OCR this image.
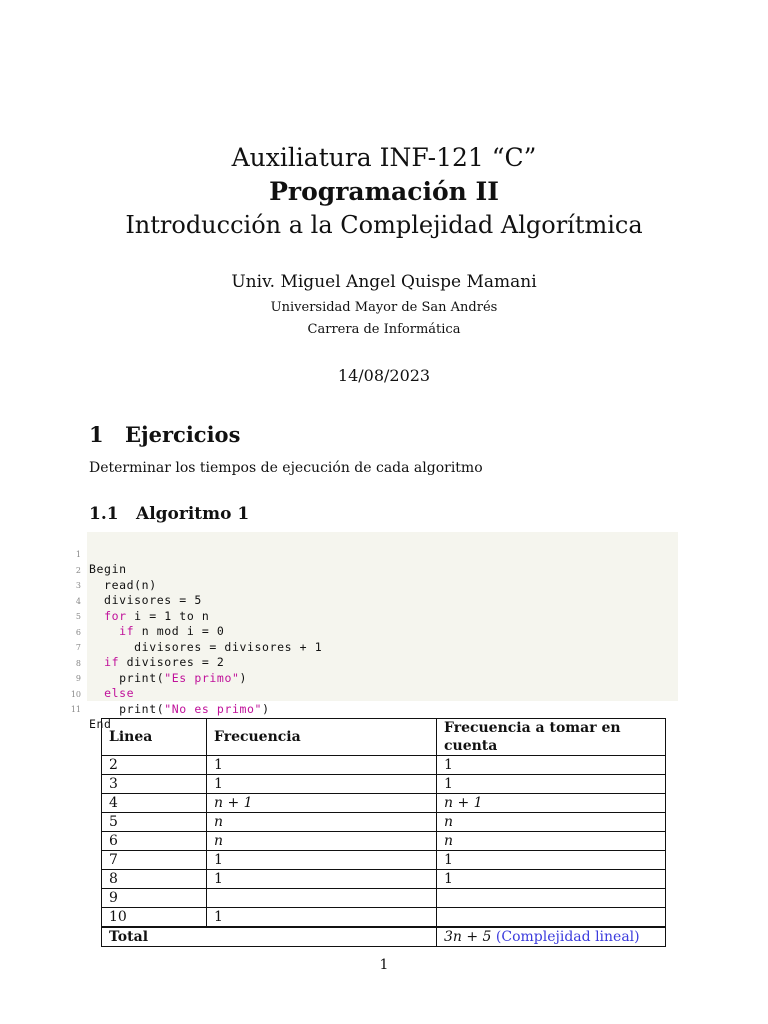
Auxiliatura INF-121 “C”
Programación II
Introducción a la Complejidad Algorítmica
Univ. Miguel Angel Quispe Mamani
Universidad Mayor de San Andrés
Carrera de Informática
14/08/2023
1 Ejercicios
Determinar los tiempos de ejecución de cada algoritmo
1.1 Algoritmo 1

1

Begin

2

read(n)

3

divisores = 5

4

for i = 1 to n

5

if n mod i = 0

6

divisores = divisores + 1

7

if divisores = 2

8

print("Es primo")

9

else

10

print("No es primo")

11

End

Linea	Frecuencia	Frecuencia a tomar en cuenta
2	1	1
3	1	1
4	n + 1	n + 1
5	n	n
6	n	n
7	1	1
8	1	1
9		
10	1	
Total		3n + 5 (Complejidad lineal)
1
